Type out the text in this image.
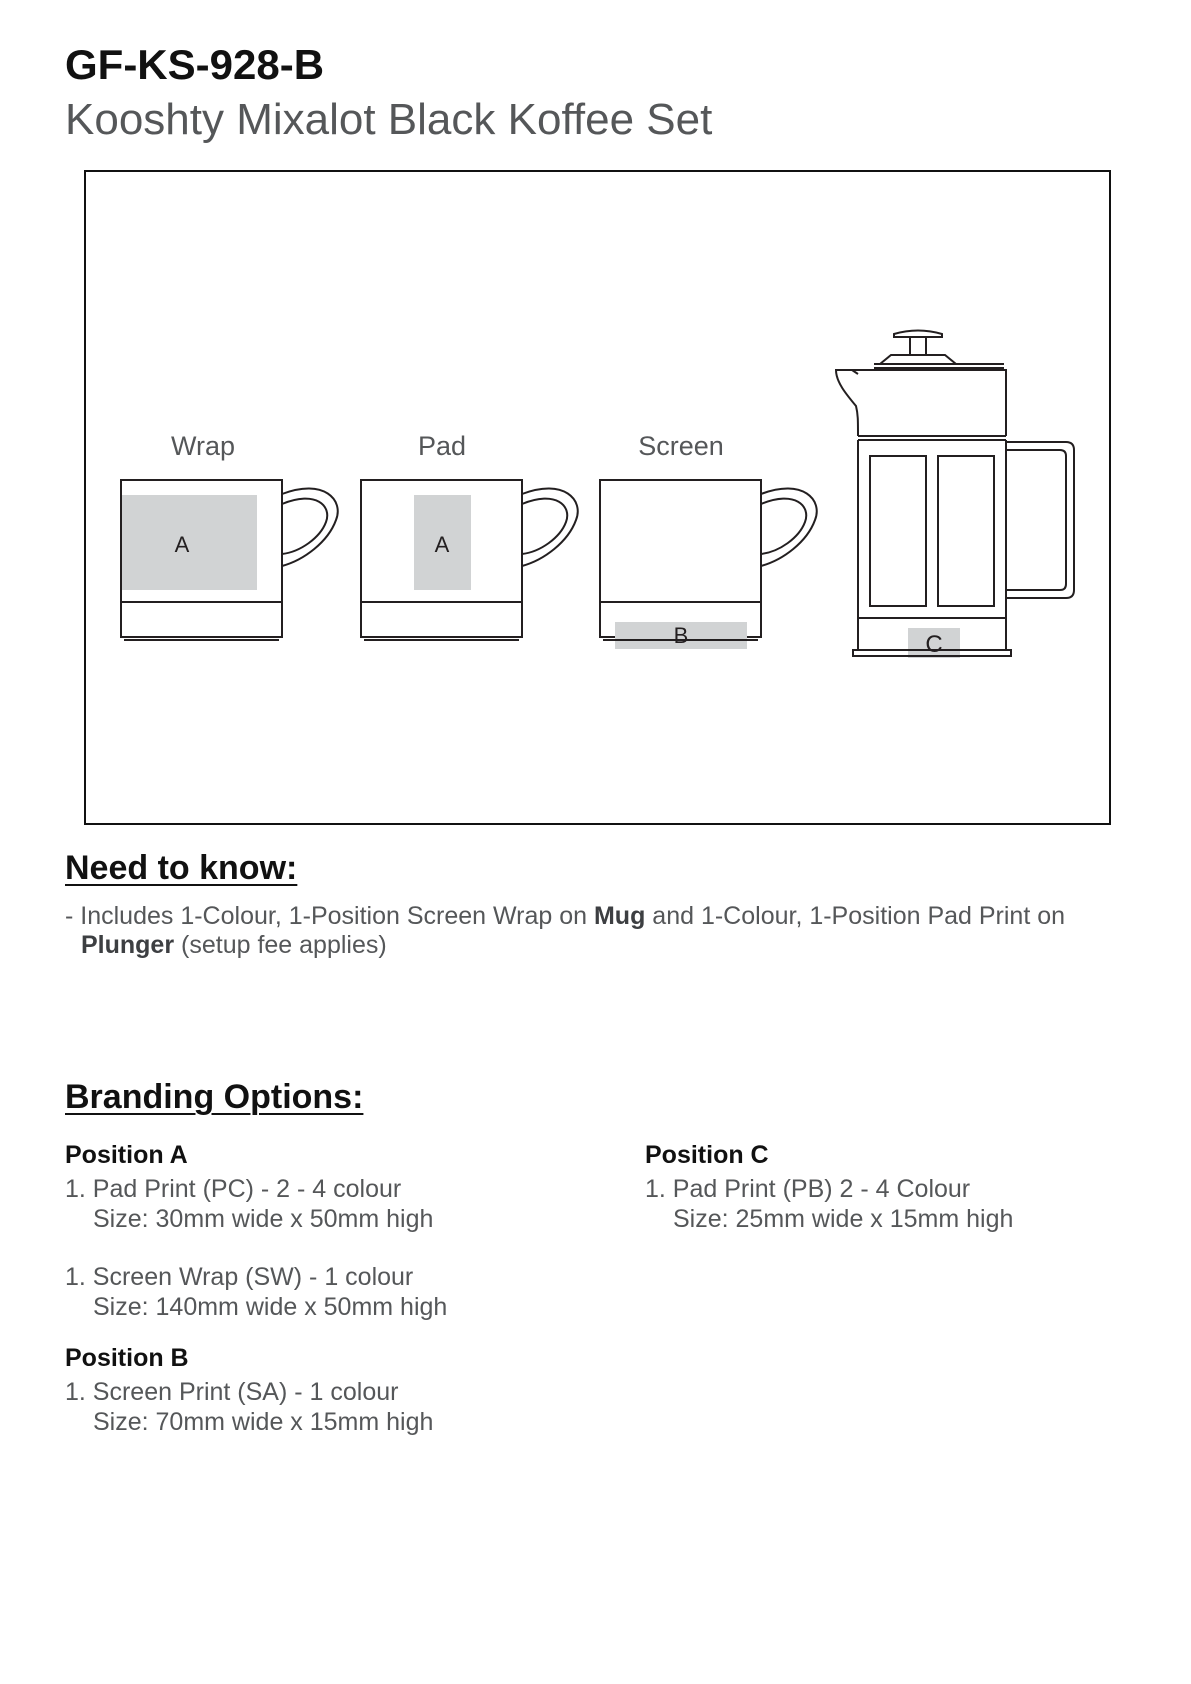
GF-KS-928-B
Kooshty Mixalot Black Koffee Set
Wrap
A
Pad
A
Screen
B	C
Need to know:
- Includes 1-Colour, 1-Position Screen Wrap on Mug and 1-Colour, 1-Position Pad Print on
Plunger (setup fee applies)
Branding Options:
Position A
1. Pad Print (PC) - 2 - 4 colour
Size: 30mm wide x 50mm high
1. Screen Wrap (SW) - 1 colour
Size: 140mm wide x 50mm high
Position B
1. Screen Print (SA) - 1 colour
Size: 70mm wide x 15mm high
Position C
1. Pad Print (PB) 2 - 4 Colour
Size: 25mm wide x 15mm high
